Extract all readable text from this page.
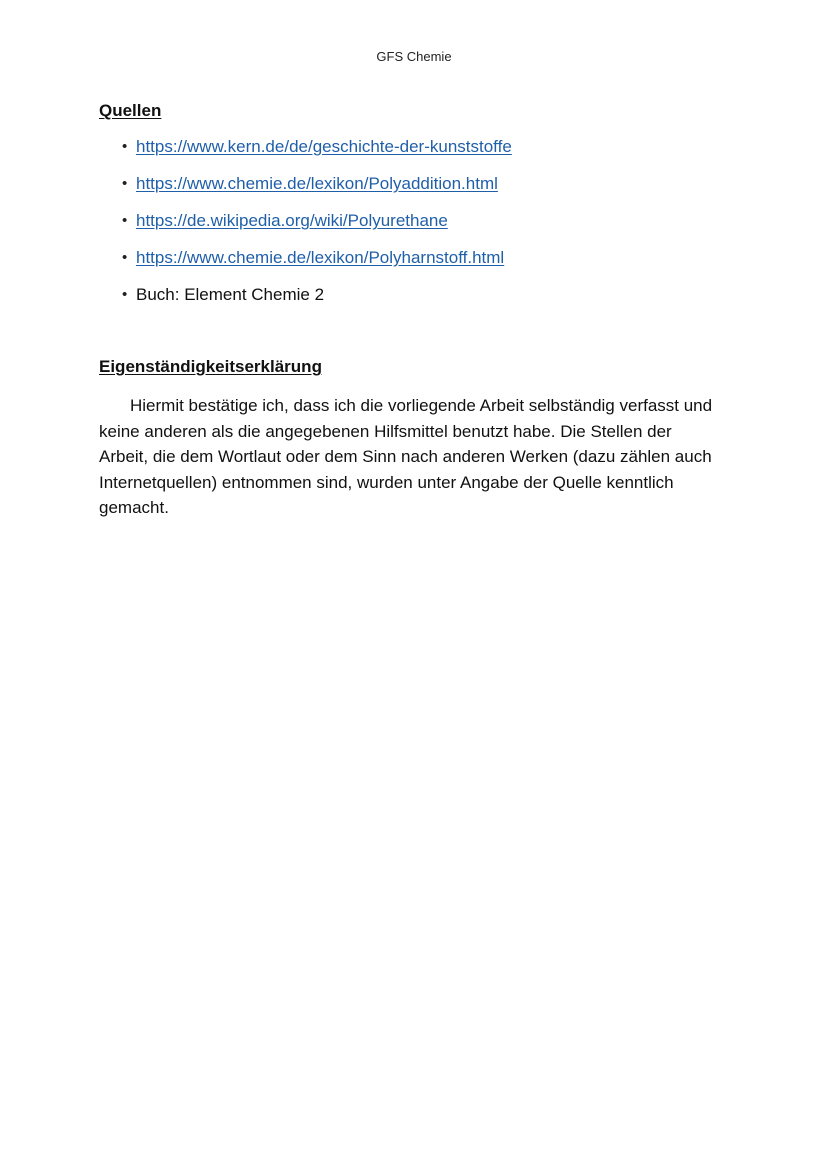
GFS Chemie
Quellen
• https://www.kern.de/de/geschichte-der-kunststoffe
• https://www.chemie.de/lexikon/Polyaddition.html
• https://de.wikipedia.org/wiki/Polyurethane
• https://www.chemie.de/lexikon/Polyharnstoff.html
• Buch: Element Chemie 2
Eigenständigkeitserklärung

Hiermit bestätige ich, dass ich die vorliegende Arbeit selbständig verfasst und keine anderen als die angegebenen Hilfsmittel benutzt habe. Die Stellen der Arbeit, die dem Wortlaut oder dem Sinn nach anderen Werken (dazu zählen auch Internetquellen) entnommen sind, wurden unter Angabe der Quelle kenntlich gemacht.
